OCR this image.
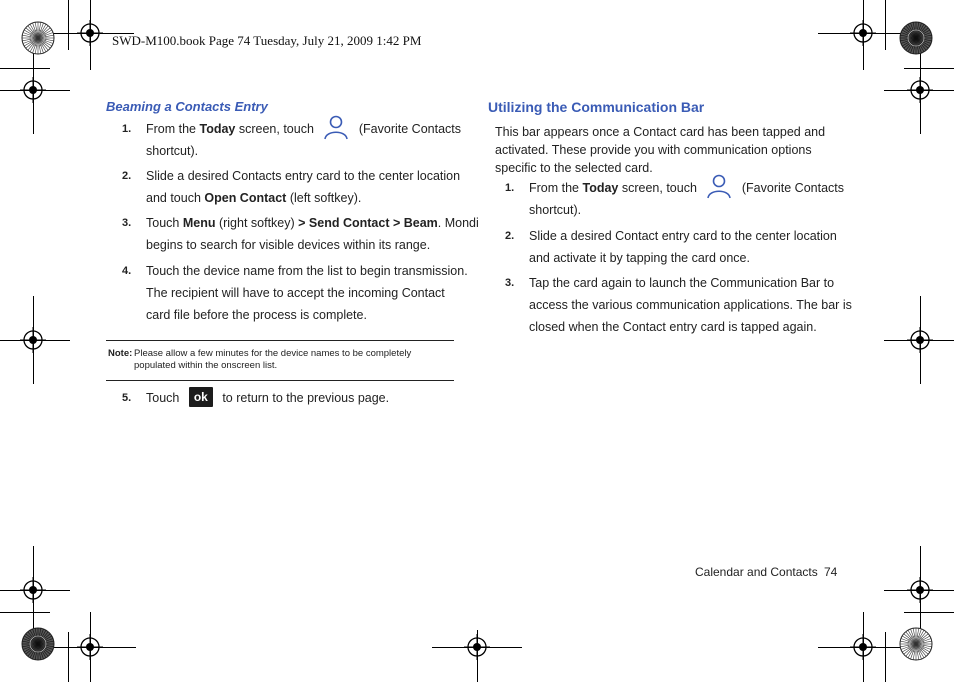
SWD-M100.book Page 74 Tuesday, July 21, 2009 1:42 PM
Beaming a Contacts Entry
1. From the Today screen, touch	(Favorite Contacts
shortcut).
2. Slide a desired Contacts entry card to the center location
and touch Open Contact (left softkey).
3. Touch Menu (right softkey) > Send Contact > Beam. Mondi
begins to search for visible devices within its range.
4. Touch the device name from the list to begin transmission.
The recipient will have to accept the incoming Contact
card file before the process is complete.
Note: Please allow a few minutes for the device names to be completely
populated within the onscreen list.
5. Touch ok to return to the previous page.
Utilizing the Communication Bar
This bar appears once a Contact card has been tapped and
activated. These provide you with communication options
specific to the selected card.
1. From the Today screen, touch	(Favorite Contacts
shortcut).
2. Slide a desired Contact entry card to the center location
and activate it by tapping the card once.
3. Tap the card again to launch the Communication Bar to
access the various communication applications. The bar is
closed when the Contact entry card is tapped again.
Calendar and Contacts 74
